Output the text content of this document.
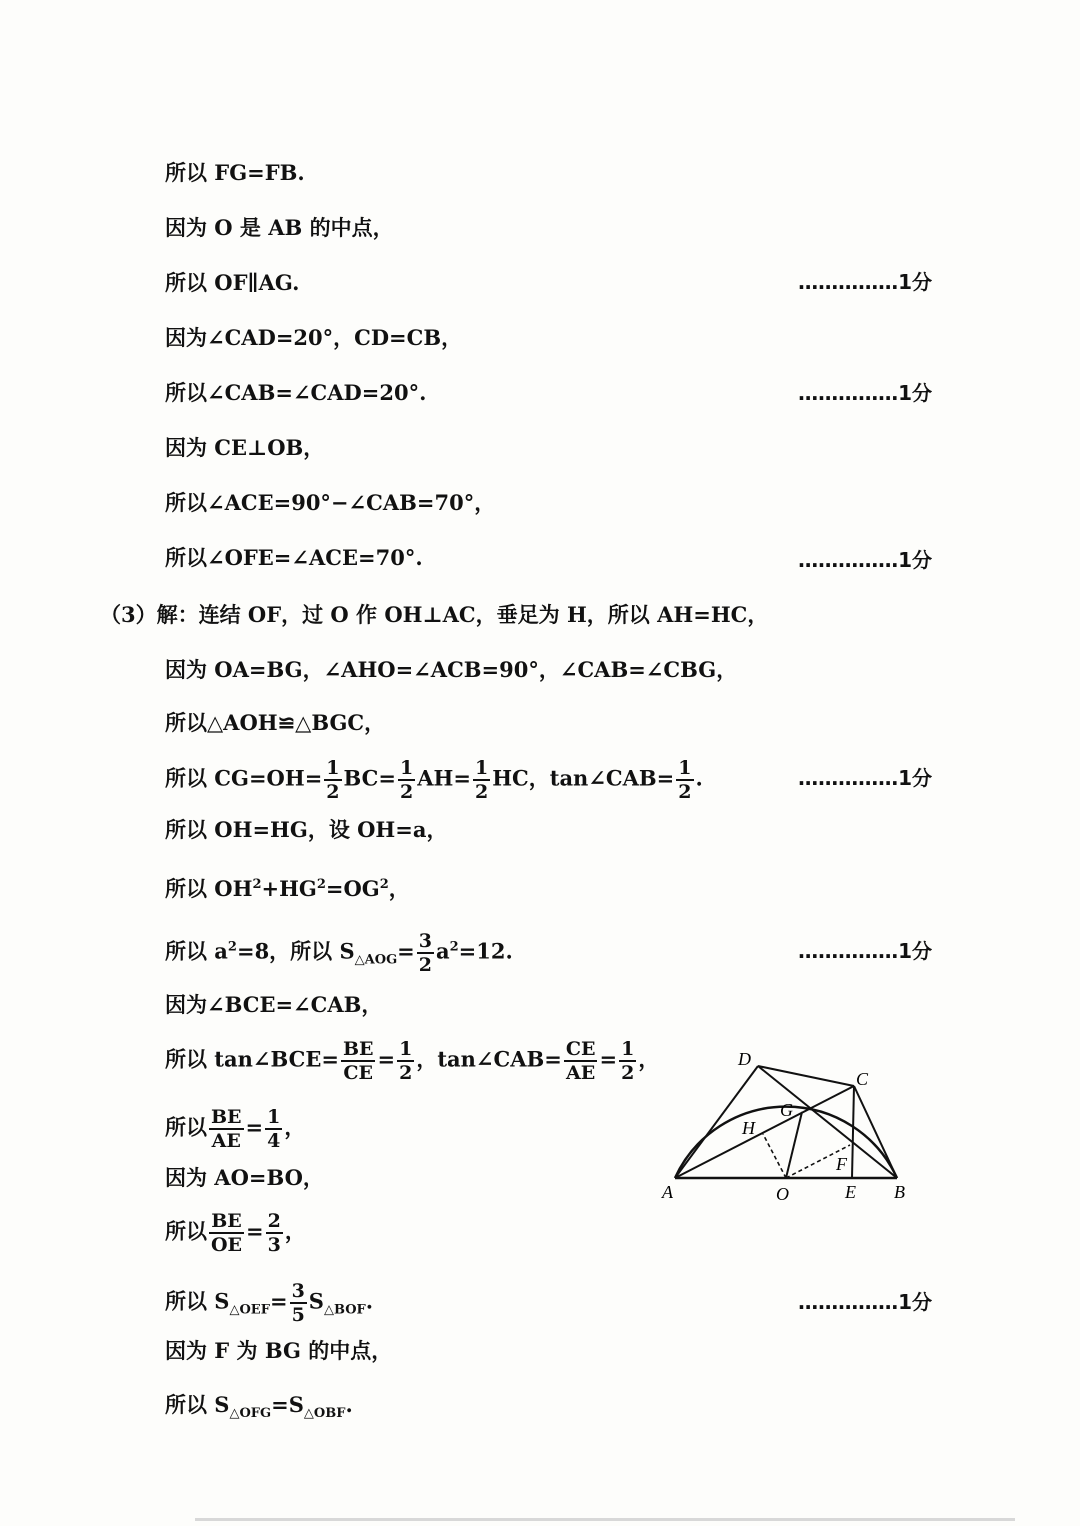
所以 FG=FB.
因为 O 是 AB 的中点，
所以 OF∥AG.	……………1分
因为∠CAD=20°，CD=CB，
所以∠CAB=∠CAD=20°.	……………1分
因为 CE⊥OB，
所以∠ACE=90°−∠CAB=70°，
所以∠OFE=∠ACE=70°.	……………1分
（3）解：连结 OF，过 O 作 OH⊥AC，垂足为 H，所以 AH=HC，
因为 OA=BG，∠AHO=∠ACB=90°，∠CAB=∠CBG，
所以△AOH≌△BGC，
所以 $CG=OH= \frac{1}{2} BC= \frac{1}{2} AH= \frac{1}{2}$ HC，tan∠CAB= $\frac{1}{2}$ .	……………1分
所以 OH=HG，设 OH=a，
所以 $OH^2+HG^2=OG^2$，
所以 $a^2=8$，所以 $S_{\triangle AOG}= \frac{3}{2} a^2=12$.	……………1分
因为∠BCE=∠CAB，
所以 tan∠BCE= $\frac{BE}{CE} = \frac{1}{2}$ ，tan∠CAB= $\frac{CE}{AE} = \frac{1}{2}$ ，
所以 $\frac{BE}{AE} = \frac{1}{4}$ ，
因为 AO=BO，
所以 $\frac{BE}{OE} = \frac{2}{3}$ ，
所以 $S_{\triangle OEF}= \frac{3}{5} S_{\triangle BOF}$.	……………1分
因为 F 为 BG 的中点，
所以 $S_{\triangle OFG}=S_{\triangle OBF}$.
D
C
G
H
F
A	O	E B
